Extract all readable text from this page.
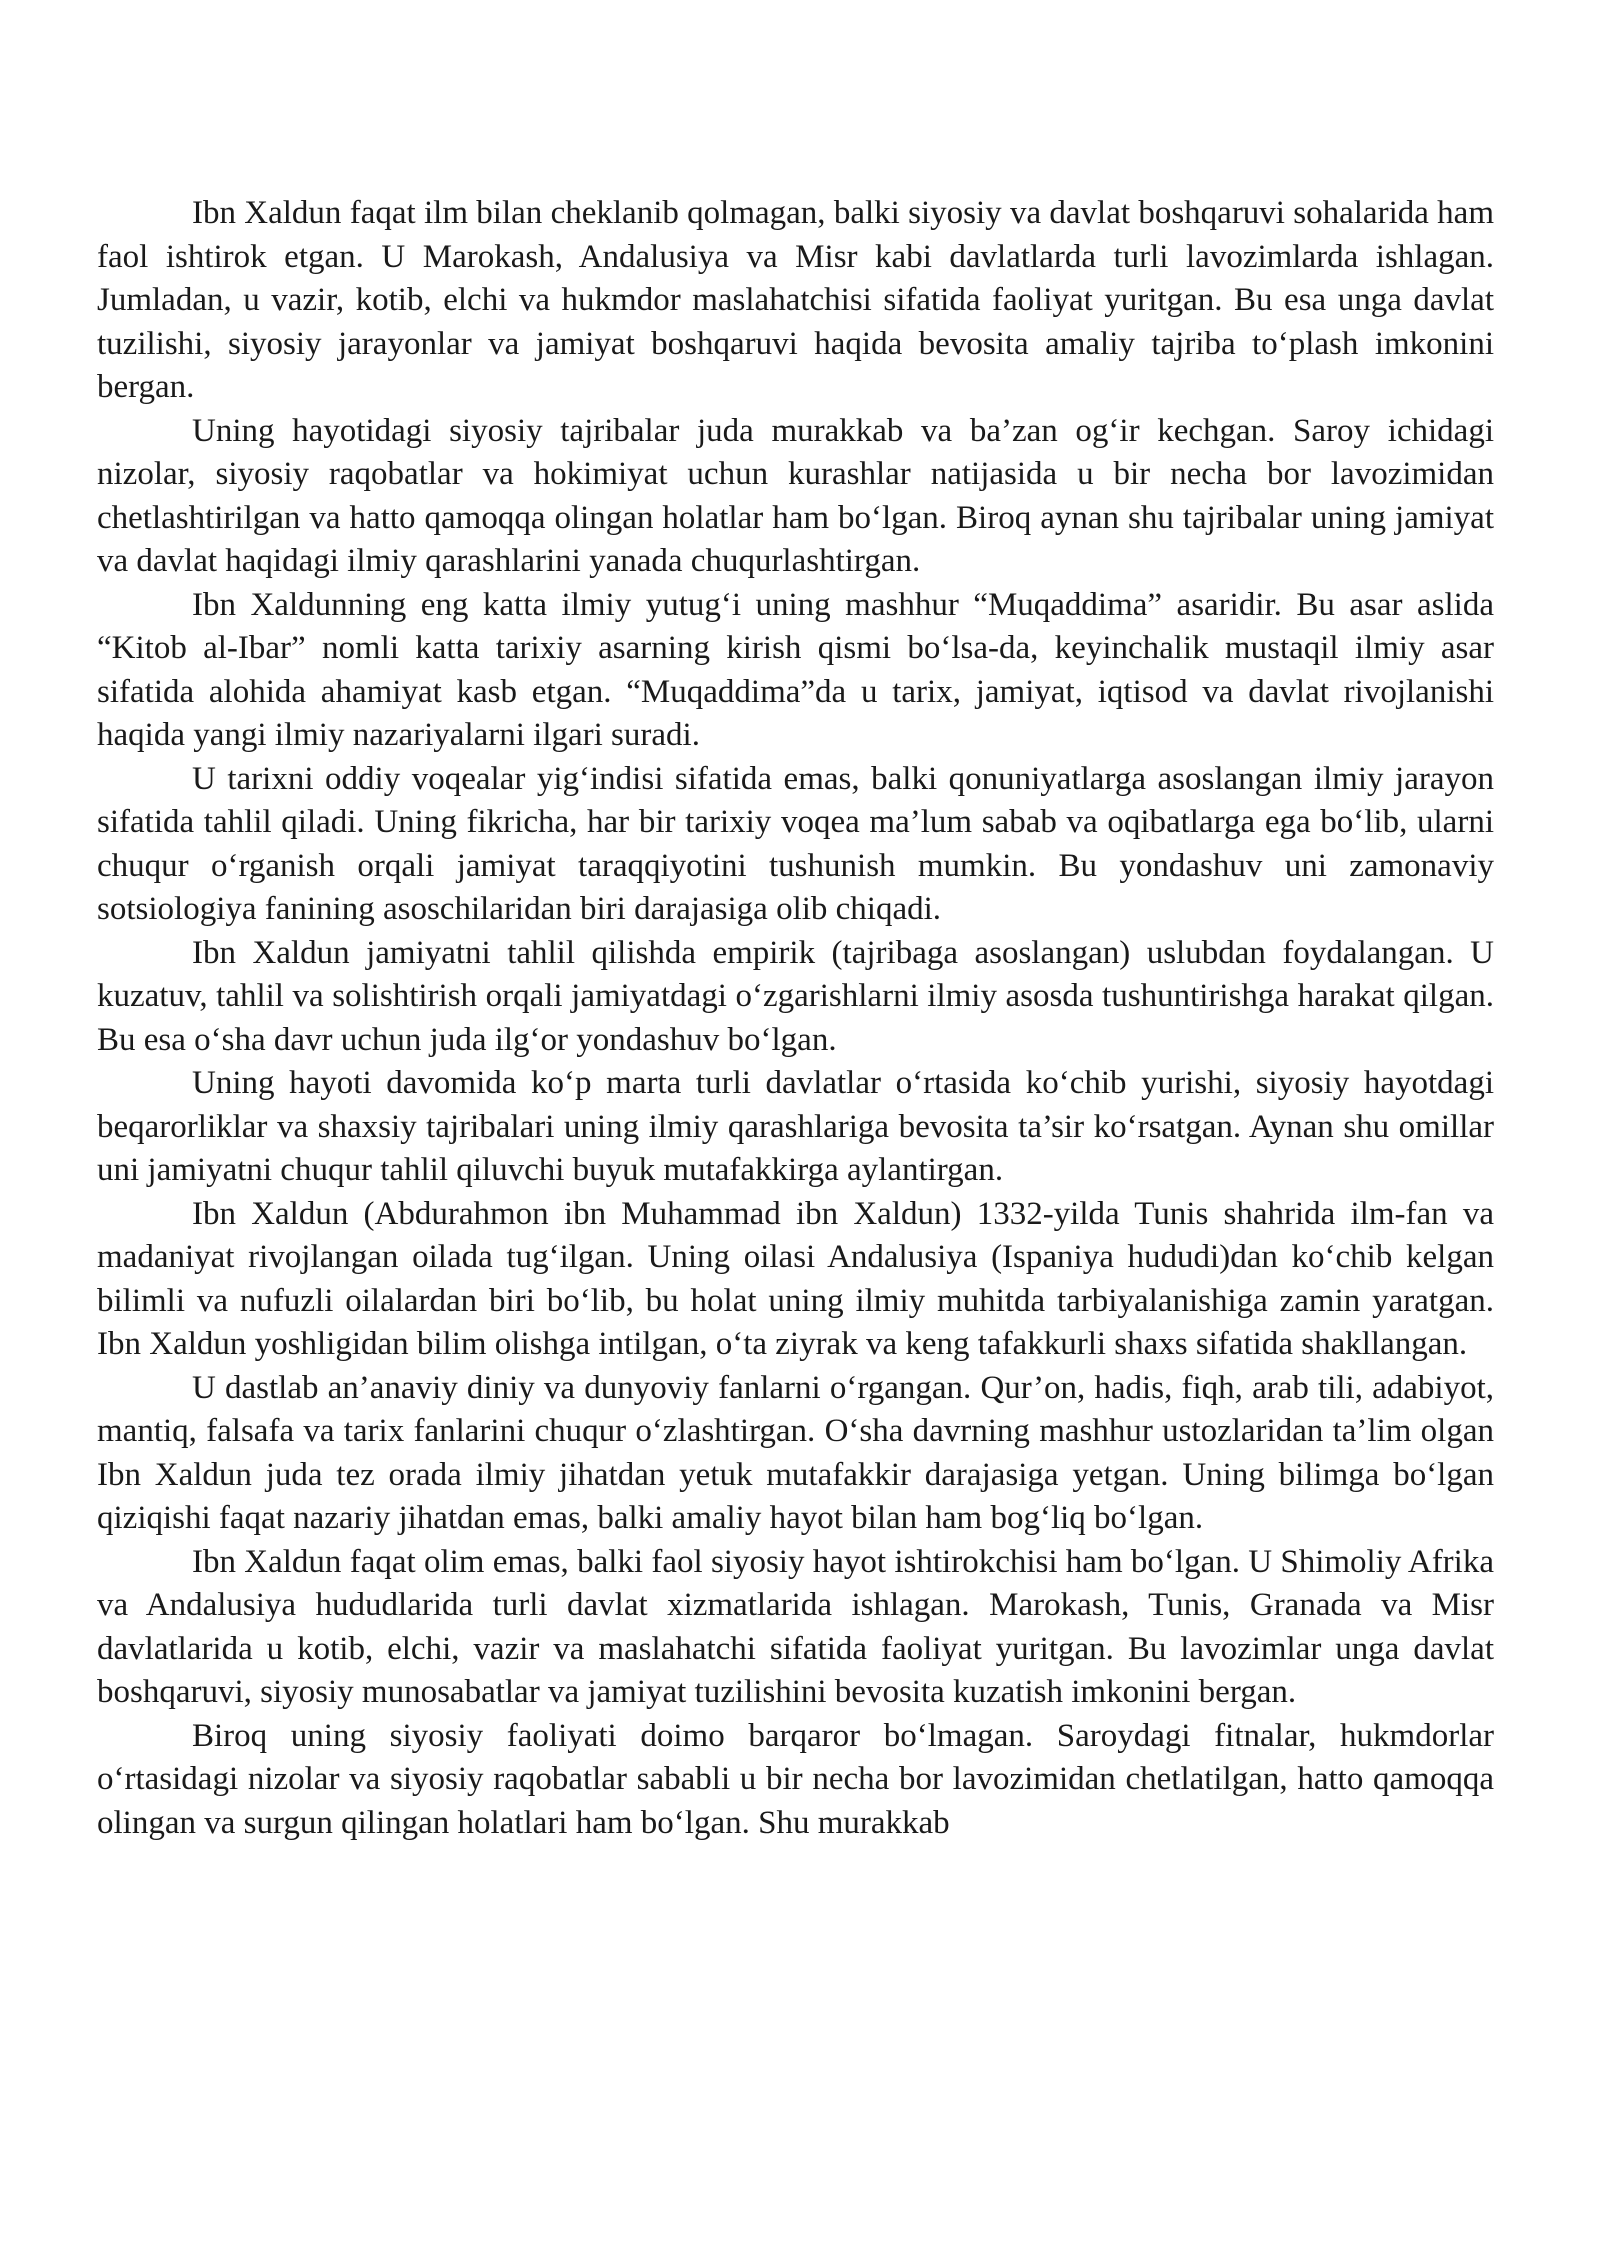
Ibn Xaldun faqat ilm bilan cheklanib qolmagan, balki siyosiy va davlat boshqaruvi sohalarida ham faol ishtirok etgan. U Marokash, Andalusiya va Misr kabi davlatlarda turli lavozimlarda ishlagan. Jumladan, u vazir, kotib, elchi va hukmdor maslahatchisi sifatida faoliyat yuritgan. Bu esa unga davlat tuzilishi, siyosiy jarayonlar va jamiyat boshqaruvi haqida bevosita amaliy tajriba to‘plash imkonini bergan.

Uning hayotidagi siyosiy tajribalar juda murakkab va ba’zan og‘ir kechgan. Saroy ichidagi nizolar, siyosiy raqobatlar va hokimiyat uchun kurashlar natijasida u bir necha bor lavozimidan chetlashtirilgan va hatto qamoqqa olingan holatlar ham bo‘lgan. Biroq aynan shu tajribalar uning jamiyat va davlat haqidagi ilmiy qarashlarini yanada chuqurlashtirgan.

Ibn Xaldunning eng katta ilmiy yutug‘i uning mashhur “Muqaddima” asaridir. Bu asar aslida “Kitob al-Ibar” nomli katta tarixiy asarning kirish qismi bo‘lsa-da, keyinchalik mustaqil ilmiy asar sifatida alohida ahamiyat kasb etgan. “Muqaddima”da u tarix, jamiyat, iqtisod va davlat rivojlanishi haqida yangi ilmiy nazariyalarni ilgari suradi.

U tarixni oddiy voqealar yig‘indisi sifatida emas, balki qonuniyatlarga asoslangan ilmiy jarayon sifatida tahlil qiladi. Uning fikricha, har bir tarixiy voqea ma’lum sabab va oqibatlarga ega bo‘lib, ularni chuqur o‘rganish orqali jamiyat taraqqiyotini tushunish mumkin. Bu yondashuv uni zamonaviy sotsiologiya fanining asoschilaridan biri darajasiga olib chiqadi.

Ibn Xaldun jamiyatni tahlil qilishda empirik (tajribaga asoslangan) uslubdan foydalangan. U kuzatuv, tahlil va solishtirish orqali jamiyatdagi o‘zgarishlarni ilmiy asosda tushuntirishga harakat qilgan. Bu esa o‘sha davr uchun juda ilg‘or yondashuv bo‘lgan.

Uning hayoti davomida ko‘p marta turli davlatlar o‘rtasida ko‘chib yurishi, siyosiy hayotdagi beqarorliklar va shaxsiy tajribalari uning ilmiy qarashlariga bevosita ta’sir ko‘rsatgan. Aynan shu omillar uni jamiyatni chuqur tahlil qiluvchi buyuk mutafakkirga aylantirgan.

Ibn Xaldun (Abdurahmon ibn Muhammad ibn Xaldun) 1332-yilda Tunis shahrida ilm-fan va madaniyat rivojlangan oilada tug‘ilgan. Uning oilasi Andalusiya (Ispaniya hududi)dan ko‘chib kelgan bilimli va nufuzli oilalardan biri bo‘lib, bu holat uning ilmiy muhitda tarbiyalanishiga zamin yaratgan. Ibn Xaldun yoshligidan bilim olishga intilgan, o‘ta ziyrak va keng tafakkurli shaxs sifatida shakllangan.

U dastlab an’anaviy diniy va dunyoviy fanlarni o‘rgangan. Qur’on, hadis, fiqh, arab tili, adabiyot, mantiq, falsafa va tarix fanlarini chuqur o‘zlashtirgan. O‘sha davrning mashhur ustozlaridan ta’lim olgan Ibn Xaldun juda tez orada ilmiy jihatdan yetuk mutafakkir darajasiga yetgan. Uning bilimga bo‘lgan qiziqishi faqat nazariy jihatdan emas, balki amaliy hayot bilan ham bog‘liq bo‘lgan.

Ibn Xaldun faqat olim emas, balki faol siyosiy hayot ishtirokchisi ham bo‘lgan. U Shimoliy Afrika va Andalusiya hududlarida turli davlat xizmatlarida ishlagan. Marokash, Tunis, Granada va Misr davlatlarida u kotib, elchi, vazir va maslahatchi sifatida faoliyat yuritgan. Bu lavozimlar unga davlat boshqaruvi, siyosiy munosabatlar va jamiyat tuzilishini bevosita kuzatish imkonini bergan.

Biroq uning siyosiy faoliyati doimo barqaror bo‘lmagan. Saroydagi fitnalar, hukmdorlar o‘rtasidagi nizolar va siyosiy raqobatlar sababli u bir necha bor lavozimidan chetlatilgan, hatto qamoqqa olingan va surgun qilingan holatlari ham bo‘lgan. Shu murakkab
